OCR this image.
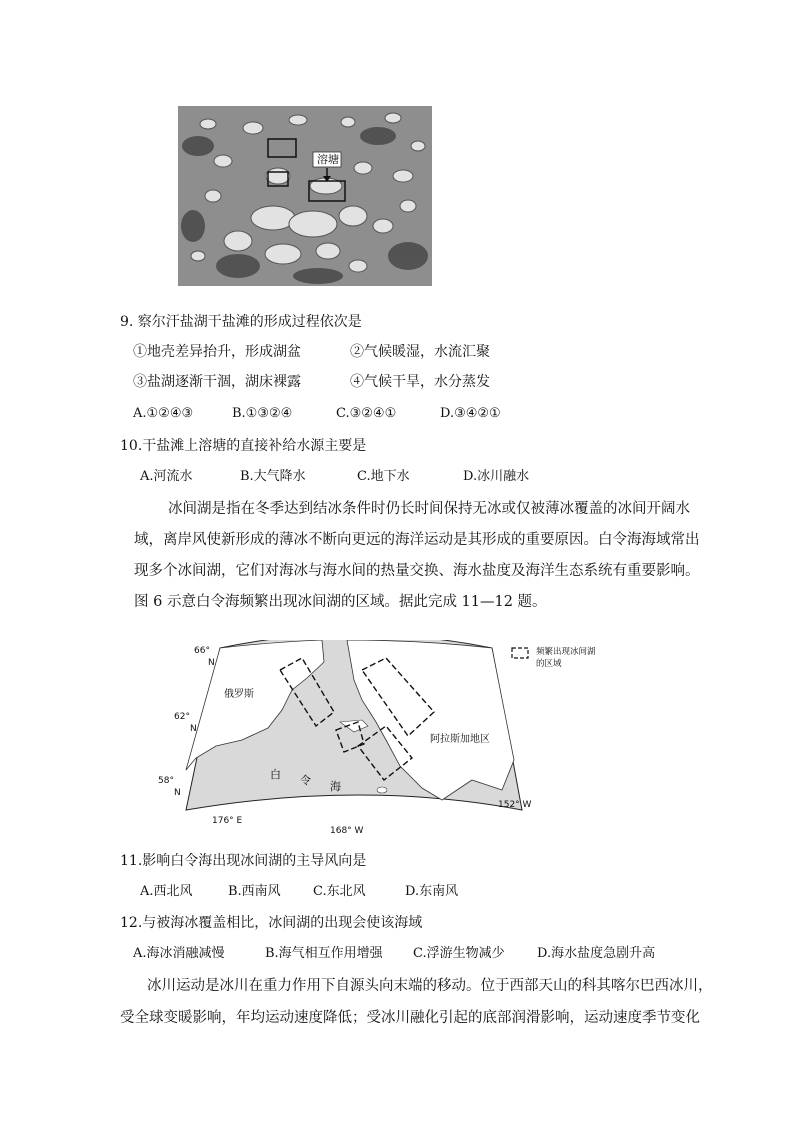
溶塘
9. 察尔汗盐湖干盐滩的形成过程依次是
①地壳差异抬升，形成湖盆	②气候暖湿，水流汇聚
③盐湖逐渐干涸，湖床裸露	④气候干旱，水分蒸发
A.①②④③	B.①③②④	C.③②④①	D.③④②①
10.干盐滩上溶塘的直接补给水源主要是
A.河流水	B.大气降水	C.地下水	D.冰川融水
冰间湖是指在冬季达到结冰条件时仍长时间保持无冰或仅被薄冰覆盖的冰间开阔水
域，离岸风使新形成的薄冰不断向更远的海洋运动是其形成的重要原因。白令海海域常出
现多个冰间湖，它们对海冰与海水间的热量交换、海水盐度及海洋生态系统有重要影响。
图 6 示意白令海频繁出现冰间湖的区域。据此完成 11—12 题。
频繁出现冰间湖的区域
俄罗斯
阿拉斯加地区
白 令 海
66°
N
62°
N
58°
N
176° E
168° W
152° W
11.影响白令海出现冰间湖的主导风向是
A.西北风	B.西南风 C.东北风	D.东南风
12.与被海冰覆盖相比，冰间湖的出现会使该海域
A.海冰消融减慢	B.海气相互作用增强 C.浮游生物减少 D.海水盐度急剧升高
冰川运动是冰川在重力作用下自源头向末端的移动。位于西部天山的科其喀尔巴西冰川，
受全球变暖影响，年均运动速度降低；受冰川融化引起的底部润滑影响，运动速度季节变化
